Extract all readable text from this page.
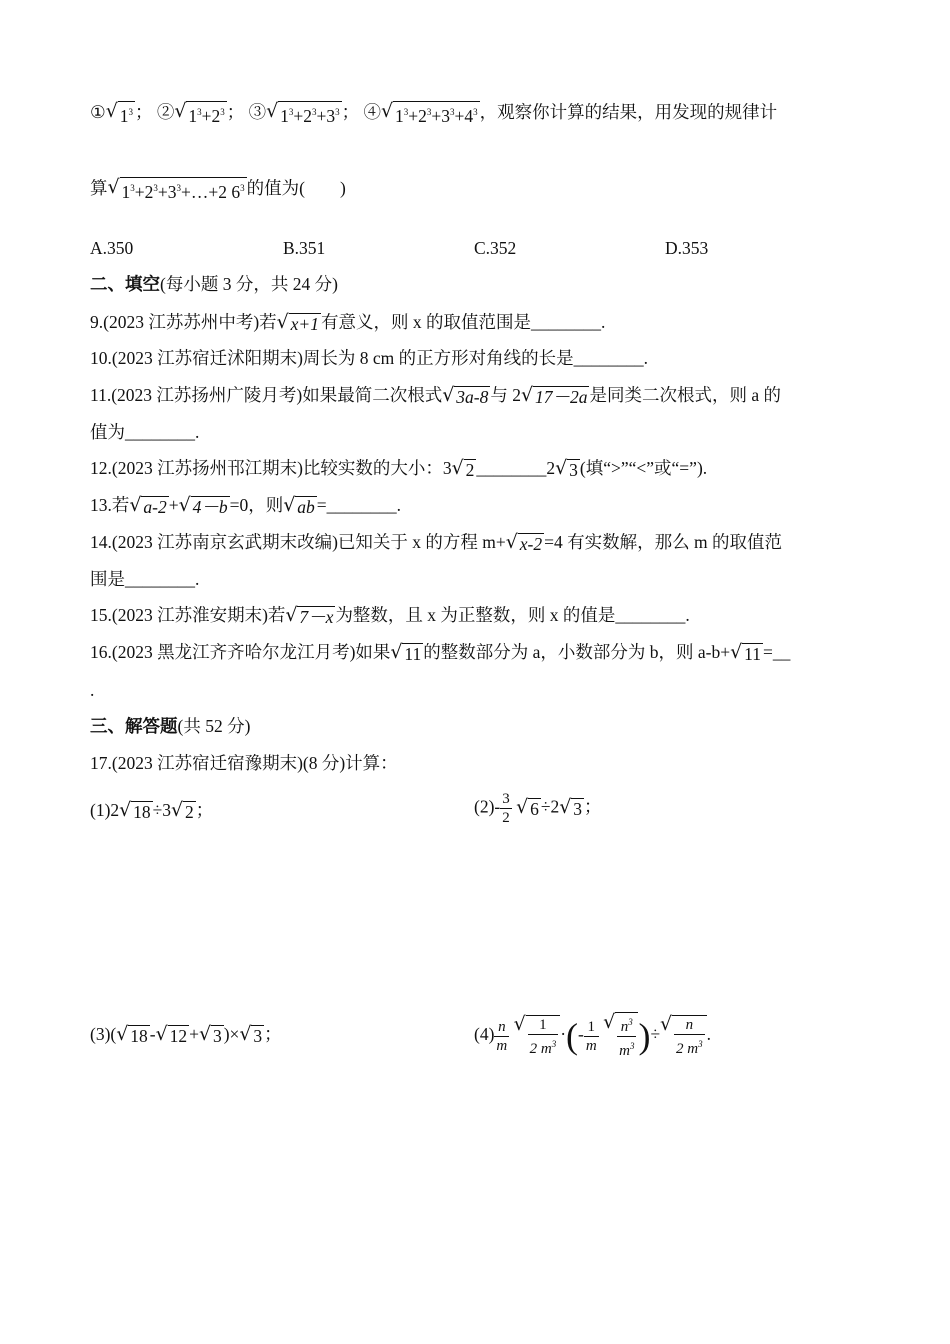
① √ $1^3$ ； ② √ $1^3+2^3$ ； ③ √ $1^3+2^3+3^3$ ； ④ √ $1^3+2^3+3^3+4^3$ ，观察你计算的结果，用发现的规律计
算 √ $1^3+2^3+3^3+\dots+2$ $6^3$ 的值为(　　)
A.350	B.351	C.352	D.353
二、填空(每小题 3 分，共 24 分)
9.(2023 江苏苏州中考)若 √ x+1 有意义，则 x 的取值范围是________.
10.(2023 江苏宿迁沭阳期末)周长为 8 cm 的正方形对角线的长是________.
11.(2023 江苏扬州广陵月考)如果最简二次根式 √ 3a-8 与 2 √ 17－2a 是同类二次根式，则 a 的
值为________.
12.(2023 江苏扬州邗江期末)比较实数的大小：3 √ 2 ________2 √ 3 (填“>”“<”或“=”).
13.若 √ a-2 + √ 4－b =0，则 √ ab =________.
14.(2023 江苏南京玄武期末改编)已知关于 x 的方程 m+ √ x-2 =4 有实数解，那么 m 的取值范
围是________.
15.(2023 江苏淮安期末)若 √ 7－x 为整数，且 x 为正整数，则 x 的值是________.
16.(2023 黑龙江齐齐哈尔龙江月考)如果 √ 11 的整数部分为 a，小数部分为 b，则 a-b+ √ 11 =__
.
三、解答题(共 52 分)
17.(2023 江苏宿迁宿豫期末)(8 分)计算：
(1)2 √ 18 ÷3 √ 2 ；	$(2)- \frac{3}{2}$
√ 6 ÷2 √ 3 ；
(3)( √ 18 - √ 12 + √ 3 )× √ 3 ；	$(4) \frac{n}{m}$
√ $\frac{1}{2 m^3}$ ·(- $\frac{1}{m}$
√ $\frac{n^3}{m^3}$ )÷ √ $\frac{n}{2 m^3}$ .
